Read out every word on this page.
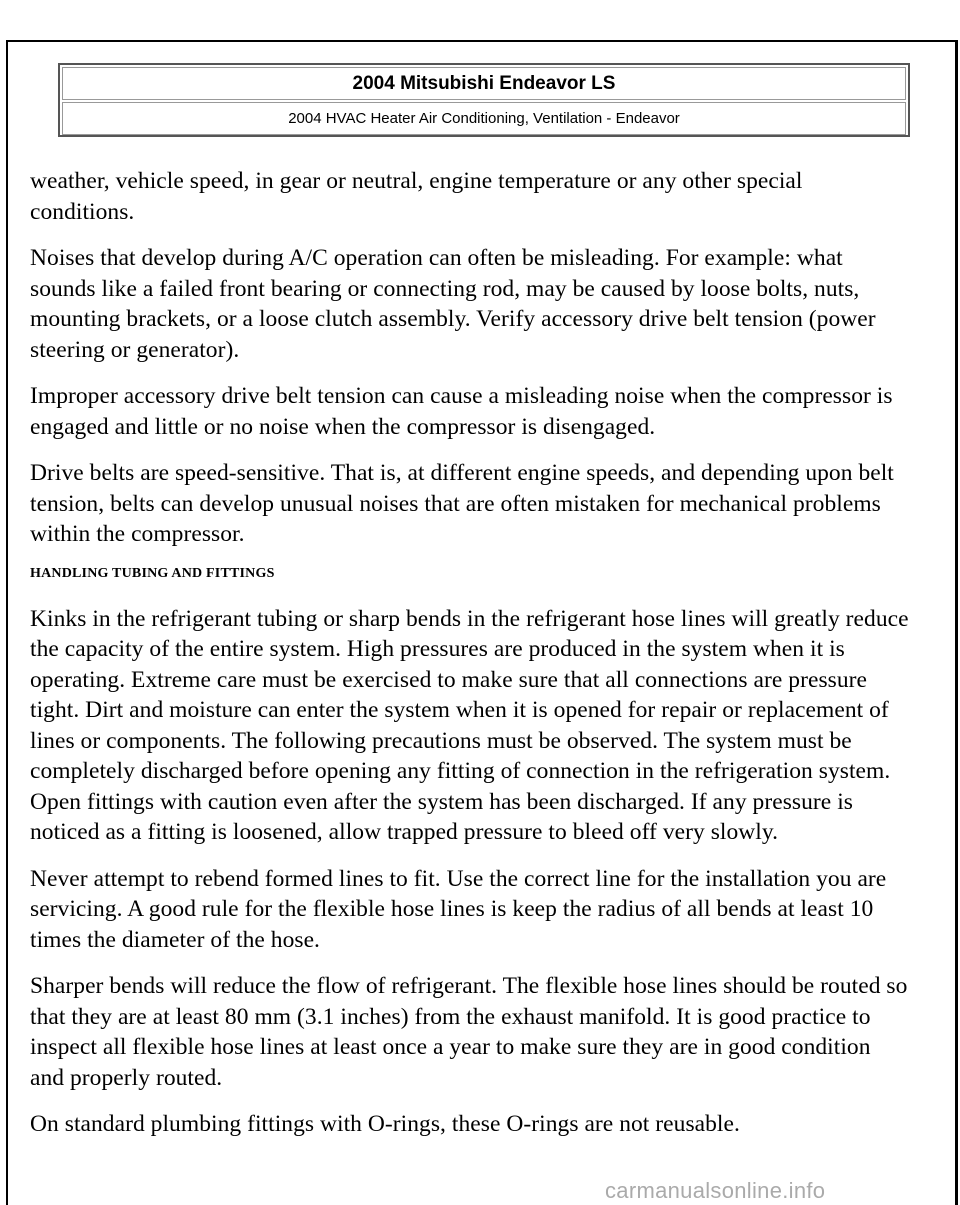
2004 Mitsubishi Endeavor LS
2004 HVAC Heater Air Conditioning, Ventilation - Endeavor

weather, vehicle speed, in gear or neutral, engine temperature or any other special conditions.

Noises that develop during A/C operation can often be misleading. For example: what sounds like a failed front bearing or connecting rod, may be caused by loose bolts, nuts, mounting brackets, or a loose clutch assembly. Verify accessory drive belt tension (power steering or generator).

Improper accessory drive belt tension can cause a misleading noise when the compressor is engaged and little or no noise when the compressor is disengaged.

Drive belts are speed-sensitive. That is, at different engine speeds, and depending upon belt tension, belts can develop unusual noises that are often mistaken for mechanical problems within the compressor.

HANDLING TUBING AND FITTINGS

Kinks in the refrigerant tubing or sharp bends in the refrigerant hose lines will greatly reduce the capacity of the entire system. High pressures are produced in the system when it is operating. Extreme care must be exercised to make sure that all connections are pressure tight. Dirt and moisture can enter the system when it is opened for repair or replacement of lines or components. The following precautions must be observed. The system must be completely discharged before opening any fitting of connection in the refrigeration system. Open fittings with caution even after the system has been discharged. If any pressure is noticed as a fitting is loosened, allow trapped pressure to bleed off very slowly.

Never attempt to rebend formed lines to fit. Use the correct line for the installation you are servicing. A good rule for the flexible hose lines is keep the radius of all bends at least 10 times the diameter of the hose.

Sharper bends will reduce the flow of refrigerant. The flexible hose lines should be routed so that they are at least 80 mm (3.1 inches) from the exhaust manifold. It is good practice to inspect all flexible hose lines at least once a year to make sure they are in good condition and properly routed.

On standard plumbing fittings with O-rings, these O-rings are not reusable.

carmanualsonline.info
